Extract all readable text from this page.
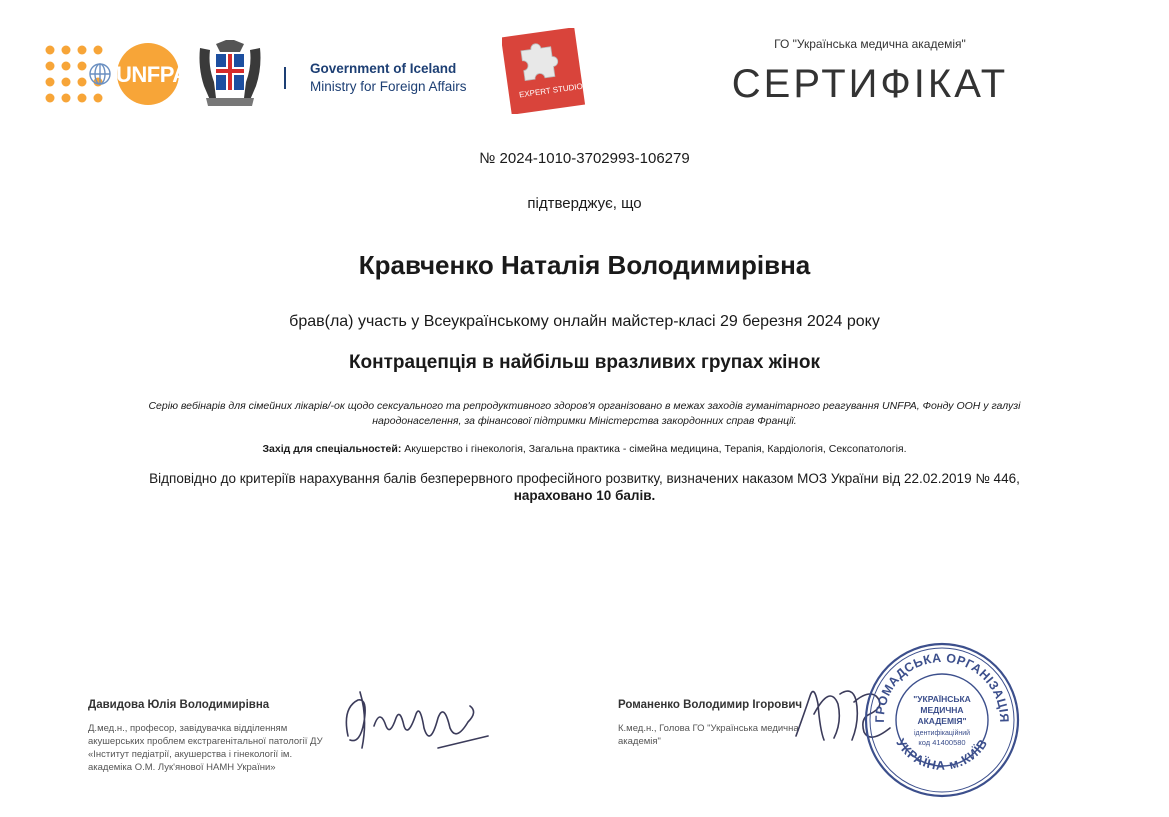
UNFPA	Government of Iceland
Ministry for Foreign Affairs	EXPERT STUDIO
ГО "Українська медична академія"
СЕРТИФІКАТ
№ 2024-1010-3702993-106279
підтверджує, що
Кравченко Наталія Володимирівна
брав(ла) участь у Всеукраїнському онлайн майстер-класі 29 березня 2024 року
Контрацепція в найбільш вразливих групах жінок
Серію вебінарів для сімейних лікарів/-ок щодо сексуального та репродуктивного здоров'я організовано в межах заходів гуманітарного реагування UNFPA, Фонду ООН у галузі народонаселення, за фінансової підтримки Міністерства закордонних справ Франції.
Захід для спеціальностей: Акушерство і гінекологія, Загальна практика - сімейна медицина, Терапія, Кардіологія, Сексопатологія.
Відповідно до критеріїв нарахування балів безперервного професійного розвитку, визначених наказом МОЗ України від 22.02.2019 № 446,
нараховано 10 балів.
Давидова Юлія Володимирівна
Д.мед.н., професор, завідувачка відділенням акушерських проблем екстрагенітальної патології ДУ «Інститут педіатрії, акушерства і гінекології ім. академіка О.М. Лук'янової НАМН України»
Романенко Володимир Ігорович
К.мед.н., Голова ГО "Українська медична академія"
ГРОМАДСЬКА ОРГАНІЗАЦІЯ
УКРАЇНА м.КИЇВ
"УКРАЇНСЬКА
МЕДИЧНА
АКАДЕМІЯ"
ідентифікаційний
код 41400580
